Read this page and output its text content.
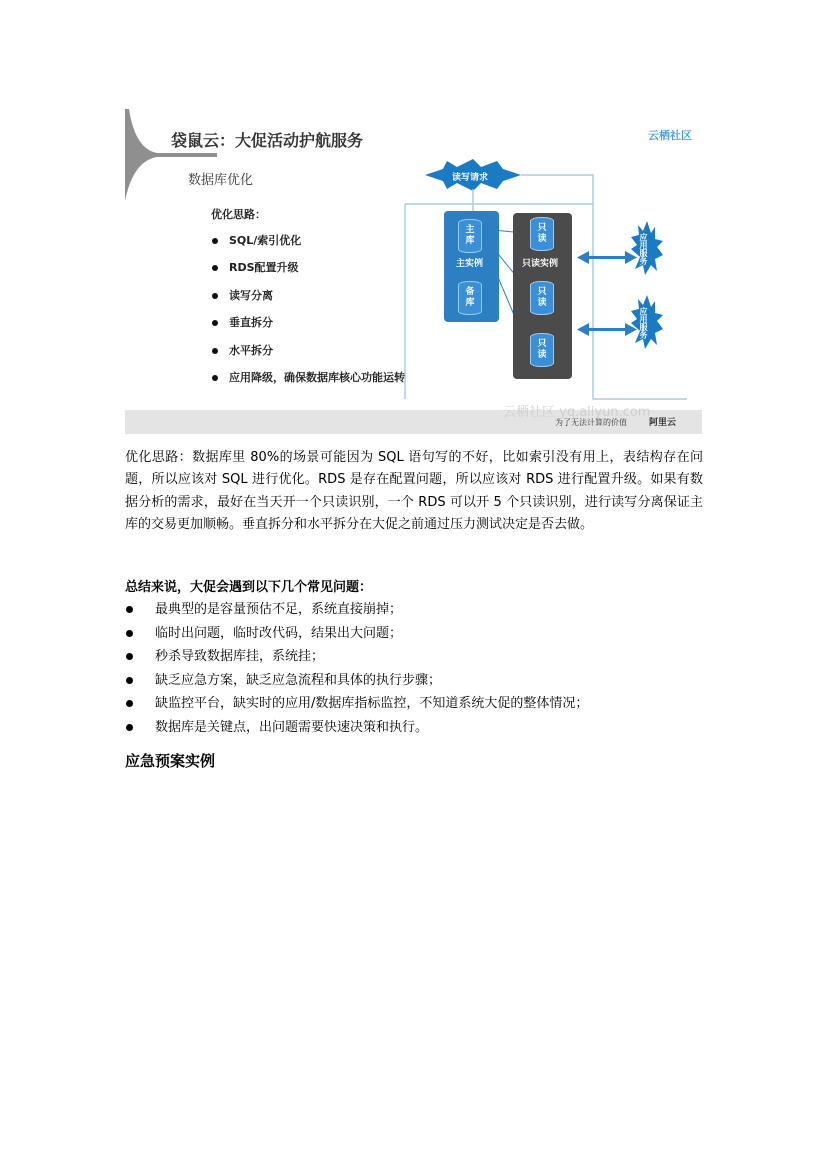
袋鼠云：大促活动护航服务	云栖社区
数据库优化
优化思路：
SQL/索引优化
RDS配置升级
读写分离
垂直拆分
水平拆分
应用降级，确保数据库核心功能运转
读写请求
主
库
主实例
备
库
只
读
只读实例
只
读
只
读
应用服务
应用服务
云栖社区 yq.aliyun.com
为了无法计算的价值 阿里云

优化思路：数据库里 80%的场景可能因为 SQL 语句写的不好，比如索引没有用上，表结构存在问题，所以应该对 SQL 进行优化。RDS 是存在配置问题，所以应该对 RDS 进行配置升级。如果有数据分析的需求，最好在当天开一个只读识别，一个 RDS 可以开 5 个只读识别，进行读写分离保证主库的交易更加顺畅。垂直拆分和水平拆分在大促之前通过压力测试决定是否去做。

总结来说，大促会遇到以下几个常见问题：

最典型的是容量预估不足，系统直接崩掉；
临时出问题，临时改代码，结果出大问题；
秒杀导致数据库挂，系统挂；
缺乏应急方案，缺乏应急流程和具体的执行步骤；
缺监控平台，缺实时的应用/数据库指标监控，不知道系统大促的整体情况；
数据库是关键点，出问题需要快速决策和执行。
应急预案实例
